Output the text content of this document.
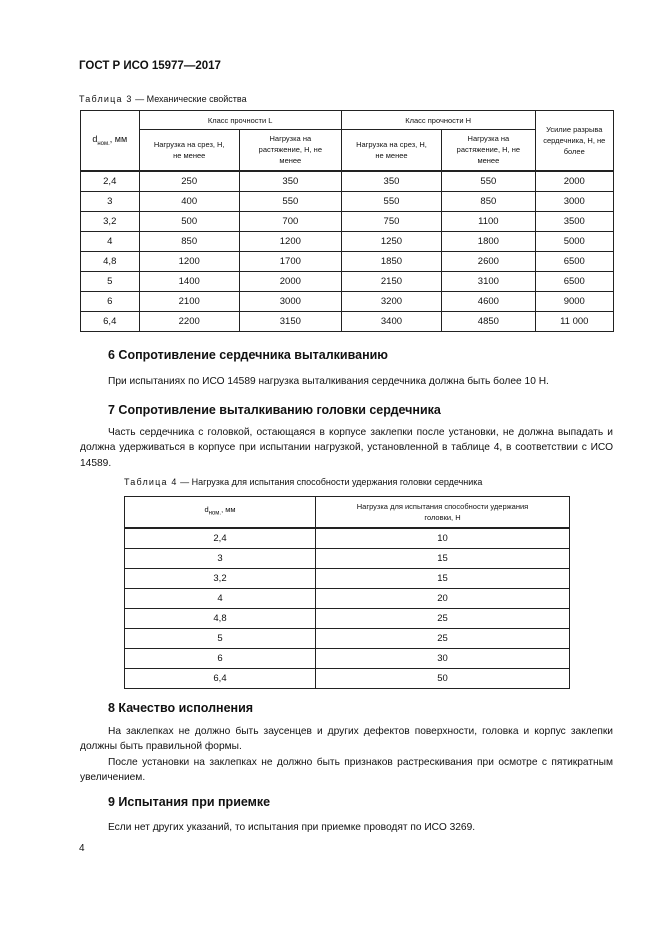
ГОСТ Р ИСО 15977—2017
Таблица 3 — Механические свойства
$d_{ном.}$, мм	Класс прочности L		Класс прочности H		Усилие разрыва сердечника, Н, не более
	Нагрузка на срез, Н, не менее	Нагрузка на растяжение, Н, не менее	Нагрузка на срез, Н, не менее	Нагрузка на растяжение, Н, не менее	
2,4	250	350	350	550	2000
3	400	550	550	850	3000
3,2	500	700	750	1100	3500
4	850	1200	1250	1800	5000
4,8	1200	1700	1850	2600	6500
5	1400	2000	2150	3100	6500
6	2100	3000	3200	4600	9000
6,4	2200	3150	3400	4850	11 000
6 Сопротивление сердечника выталкиванию

При испытаниях по ИСО 14589 нагрузка выталкивания сердечника должна быть более 10 Н.

7 Сопротивление выталкиванию головки сердечника

Часть сердечника с головкой, остающаяся в корпусе заклепки после установки, не должна выпадать и должна удерживаться в корпусе при испытании нагрузкой, установленной в таблице 4, в соответствии с ИСО 14589.

Таблица 4 — Нагрузка для испытания способности удержания головки сердечника
$d_{ном.}$, мм	Нагрузка для испытания способности удержания головки, Н
2,4	10
3	15
3,2	15
4	20
4,8	25
5	25
6	30
6,4	50
8 Качество исполнения

На заклепках не должно быть заусенцев и других дефектов поверхности, головка и корпус заклепки должны быть правильной формы.

После установки на заклепках не должно быть признаков растрескивания при осмотре с пятикратным увеличением.

9 Испытания при приемке

Если нет других указаний, то испытания при приемке проводят по ИСО 3269.

4
